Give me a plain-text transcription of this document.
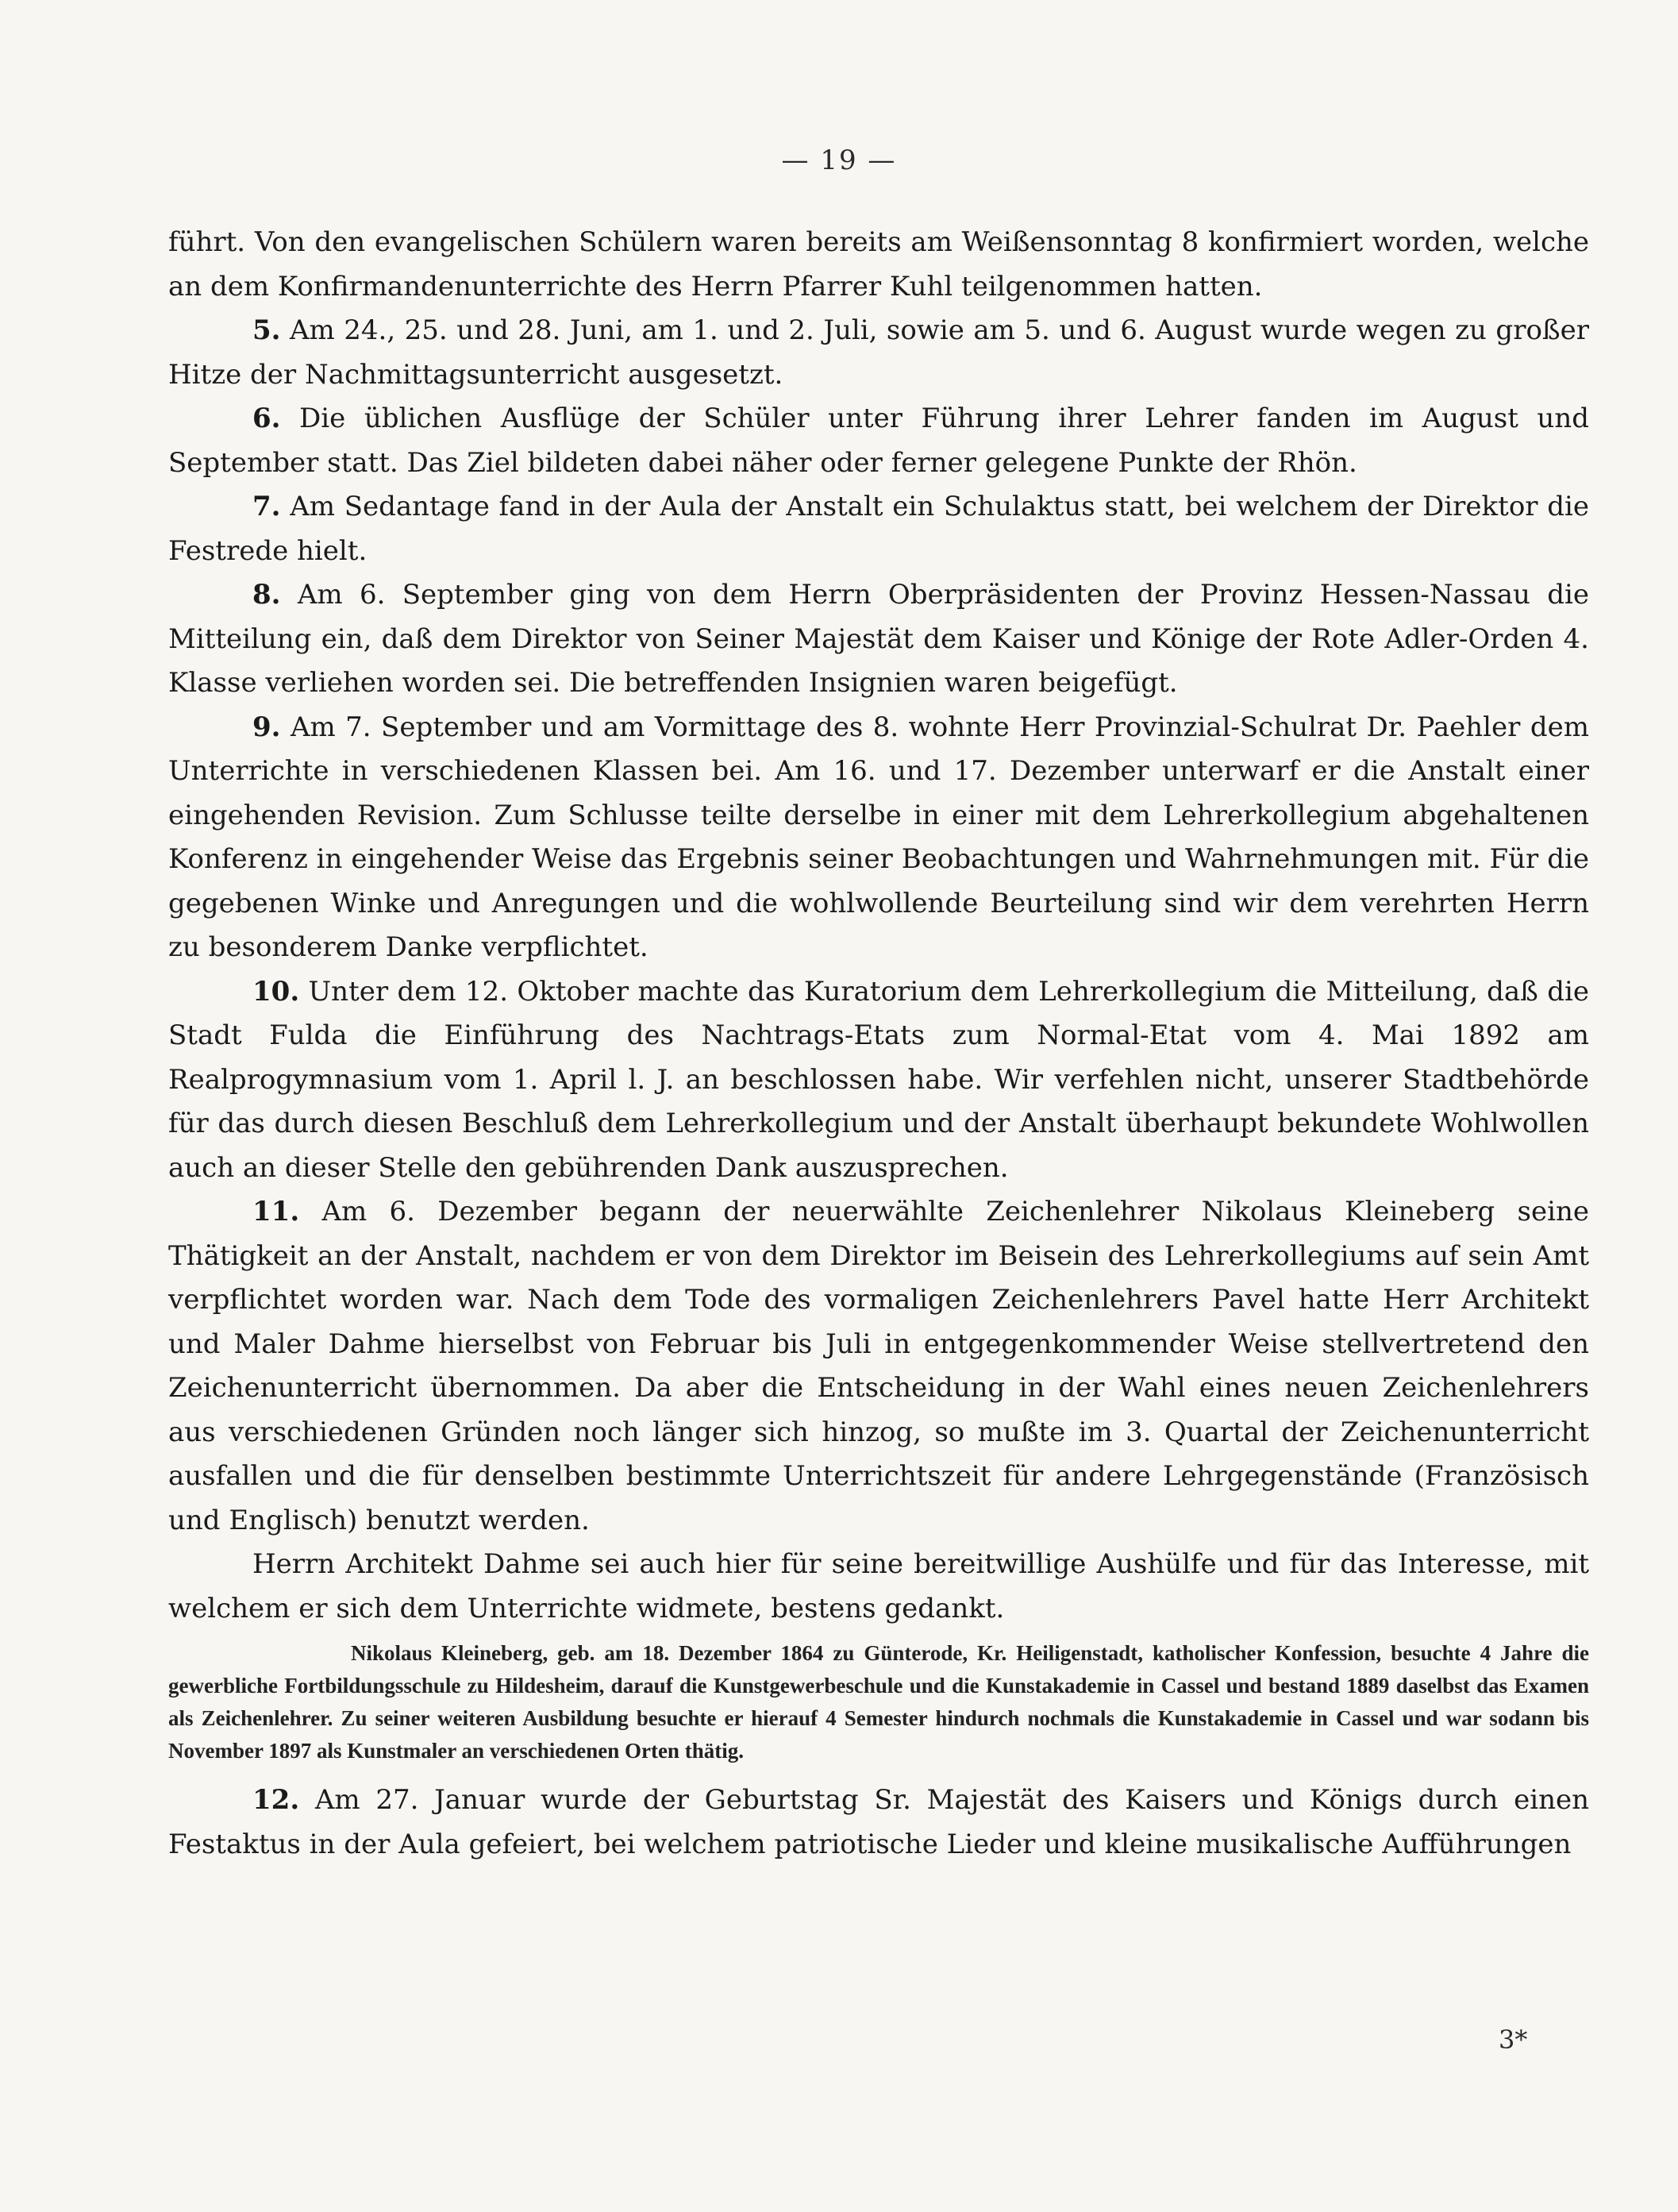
— 19 —

führt. Von den evangelischen Schülern waren bereits am Weißensonntag 8 konfirmiert worden, welche an dem Konfirmandenunterrichte des Herrn Pfarrer Kuhl teilgenommen hatten.

5. Am 24., 25. und 28. Juni, am 1. und 2. Juli, sowie am 5. und 6. August wurde wegen zu großer Hitze der Nachmittagsunterricht ausgesetzt.

6. Die üblichen Ausflüge der Schüler unter Führung ihrer Lehrer fanden im August und September statt. Das Ziel bildeten dabei näher oder ferner gelegene Punkte der Rhön.

7. Am Sedantage fand in der Aula der Anstalt ein Schulaktus statt, bei welchem der Direktor die Festrede hielt.

8. Am 6. September ging von dem Herrn Oberpräsidenten der Provinz Hessen-Nassau die Mitteilung ein, daß dem Direktor von Seiner Majestät dem Kaiser und Könige der Rote Adler-Orden 4. Klasse verliehen worden sei. Die betreffenden Insignien waren beigefügt.

9. Am 7. September und am Vormittage des 8. wohnte Herr Provinzial-Schulrat Dr. Paehler dem Unterrichte in verschiedenen Klassen bei. Am 16. und 17. Dezember unterwarf er die Anstalt einer eingehenden Revision. Zum Schlusse teilte derselbe in einer mit dem Lehrerkollegium abgehaltenen Konferenz in eingehender Weise das Ergebnis seiner Beobachtungen und Wahrnehmungen mit. Für die gegebenen Winke und Anregungen und die wohlwollende Beurteilung sind wir dem verehrten Herrn zu besonderem Danke verpflichtet.

10. Unter dem 12. Oktober machte das Kuratorium dem Lehrerkollegium die Mitteilung, daß die Stadt Fulda die Einführung des Nachtrags-Etats zum Normal-Etat vom 4. Mai 1892 am Realprogymnasium vom 1. April l. J. an beschlossen habe. Wir verfehlen nicht, unserer Stadtbehörde für das durch diesen Beschluß dem Lehrerkollegium und der Anstalt überhaupt bekundete Wohlwollen auch an dieser Stelle den gebührenden Dank auszusprechen.

11. Am 6. Dezember begann der neuerwählte Zeichenlehrer Nikolaus Kleineberg seine Thätigkeit an der Anstalt, nachdem er von dem Direktor im Beisein des Lehrerkollegiums auf sein Amt verpflichtet worden war. Nach dem Tode des vormaligen Zeichenlehrers Pavel hatte Herr Architekt und Maler Dahme hierselbst von Februar bis Juli in entgegenkommender Weise stellvertretend den Zeichenunterricht übernommen. Da aber die Entscheidung in der Wahl eines neuen Zeichenlehrers aus verschiedenen Gründen noch länger sich hinzog, so mußte im 3. Quartal der Zeichenunterricht ausfallen und die für denselben bestimmte Unterrichtszeit für andere Lehrgegenstände (Französisch und Englisch) benutzt werden.

Herrn Architekt Dahme sei auch hier für seine bereitwillige Aushülfe und für das Interesse, mit welchem er sich dem Unterrichte widmete, bestens gedankt.

Nikolaus Kleineberg, geb. am 18. Dezember 1864 zu Günterode, Kr. Heiligenstadt, katholischer Konfession, besuchte 4 Jahre die gewerbliche Fortbildungsschule zu Hildesheim, darauf die Kunstgewerbeschule und die Kunstakademie in Cassel und bestand 1889 daselbst das Examen als Zeichenlehrer. Zu seiner weiteren Ausbildung besuchte er hierauf 4 Semester hindurch nochmals die Kunstakademie in Cassel und war sodann bis November 1897 als Kunstmaler an verschiedenen Orten thätig.

12. Am 27. Januar wurde der Geburtstag Sr. Majestät des Kaisers und Königs durch einen Festaktus in der Aula gefeiert, bei welchem patriotische Lieder und kleine musikalische Aufführungen

3*
